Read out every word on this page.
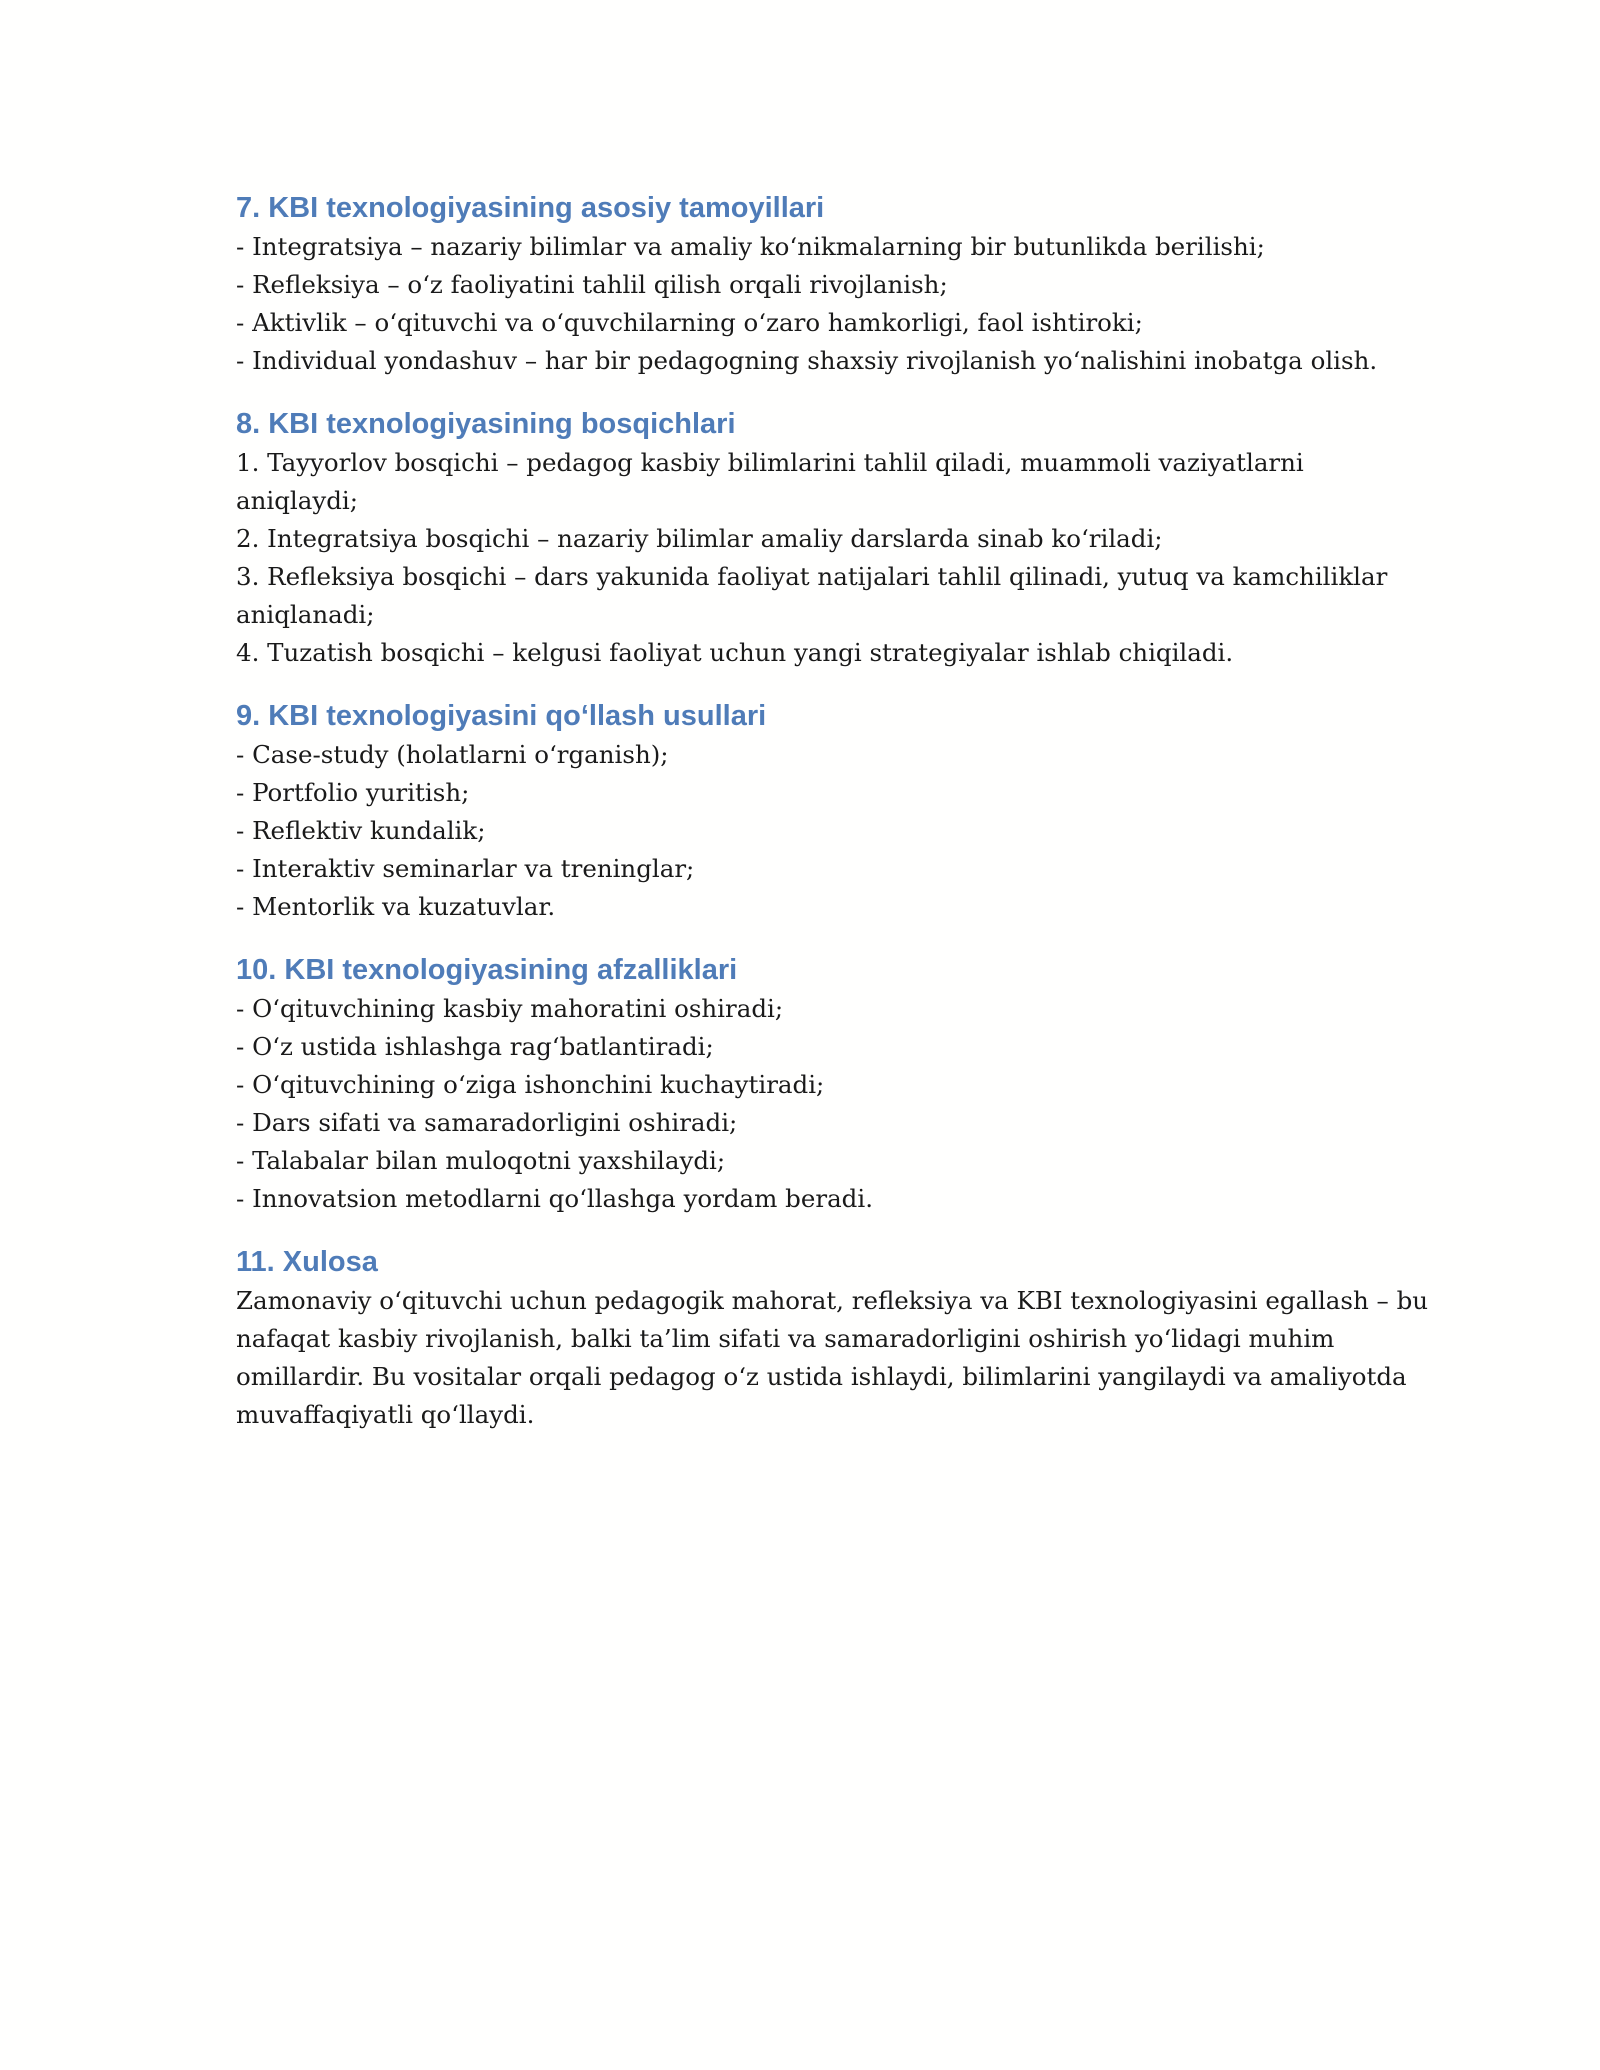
7. KBI texnologiyasining asosiy tamoyillari
- Integratsiya – nazariy bilimlar va amaliy ko‘nikmalarning bir butunlikda berilishi;
- Refleksiya – o‘z faoliyatini tahlil qilish orqali rivojlanish;
- Aktivlik – o‘qituvchi va o‘quvchilarning o‘zaro hamkorligi, faol ishtiroki;
- Individual yondashuv – har bir pedagogning shaxsiy rivojlanish yo‘nalishini inobatga olish.
8. KBI texnologiyasining bosqichlari
1. Tayyorlov bosqichi – pedagog kasbiy bilimlarini tahlil qiladi, muammoli vaziyatlarni
aniqlaydi;
2. Integratsiya bosqichi – nazariy bilimlar amaliy darslarda sinab ko‘riladi;
3. Refleksiya bosqichi – dars yakunida faoliyat natijalari tahlil qilinadi, yutuq va kamchiliklar
aniqlanadi;
4. Tuzatish bosqichi – kelgusi faoliyat uchun yangi strategiyalar ishlab chiqiladi.
9. KBI texnologiyasini qo‘llash usullari
- Case-study (holatlarni o‘rganish);
- Portfolio yuritish;
- Reflektiv kundalik;
- Interaktiv seminarlar va treninglar;
- Mentorlik va kuzatuvlar.
10. KBI texnologiyasining afzalliklari
- O‘qituvchining kasbiy mahoratini oshiradi;
- O‘z ustida ishlashga rag‘batlantiradi;
- O‘qituvchining o‘ziga ishonchini kuchaytiradi;
- Dars sifati va samaradorligini oshiradi;
- Talabalar bilan muloqotni yaxshilaydi;
- Innovatsion metodlarni qo‘llashga yordam beradi.
11. Xulosa
Zamonaviy o‘qituvchi uchun pedagogik mahorat, refleksiya va KBI texnologiyasini egallash – bu
nafaqat kasbiy rivojlanish, balki ta’lim sifati va samaradorligini oshirish yo‘lidagi muhim
omillardir. Bu vositalar orqali pedagog o‘z ustida ishlaydi, bilimlarini yangilaydi va amaliyotda
muvaffaqiyatli qo‘llaydi.
